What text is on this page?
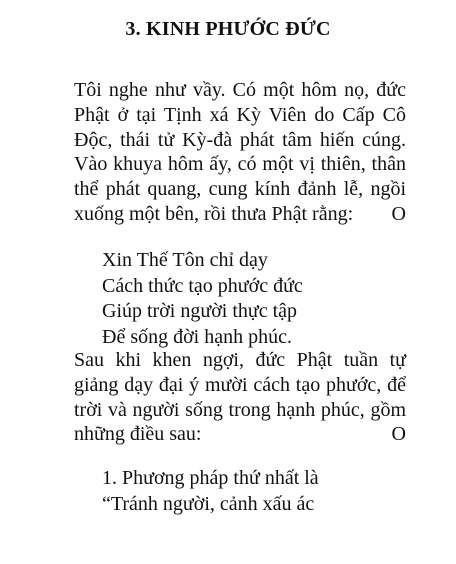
3. KINH PHƯỚC ĐỨC
Tôi nghe như vầy. Có một hôm nọ, đức
Phật ở tại Tịnh xá Kỳ Viên do Cấp Cô
Độc, thái tử Kỳ-đà phát tâm hiến cúng.
Vào khuya hôm ấy, có một vị thiên, thân
thể phát quang, cung kính đảnh lễ, ngồi
xuống một bên, rồi thưa Phật rằng: O
Xin Thế Tôn chỉ dạy
Cách thức tạo phước đức
Giúp trời người thực tập
Để sống đời hạnh phúc.
Sau khi khen ngợi, đức Phật tuần tự
giảng dạy đại ý mười cách tạo phước, để
trời và người sống trong hạnh phúc, gồm
những điều sau:	O
1. Phương pháp thứ nhất là
“Tránh người, cảnh xấu ác
